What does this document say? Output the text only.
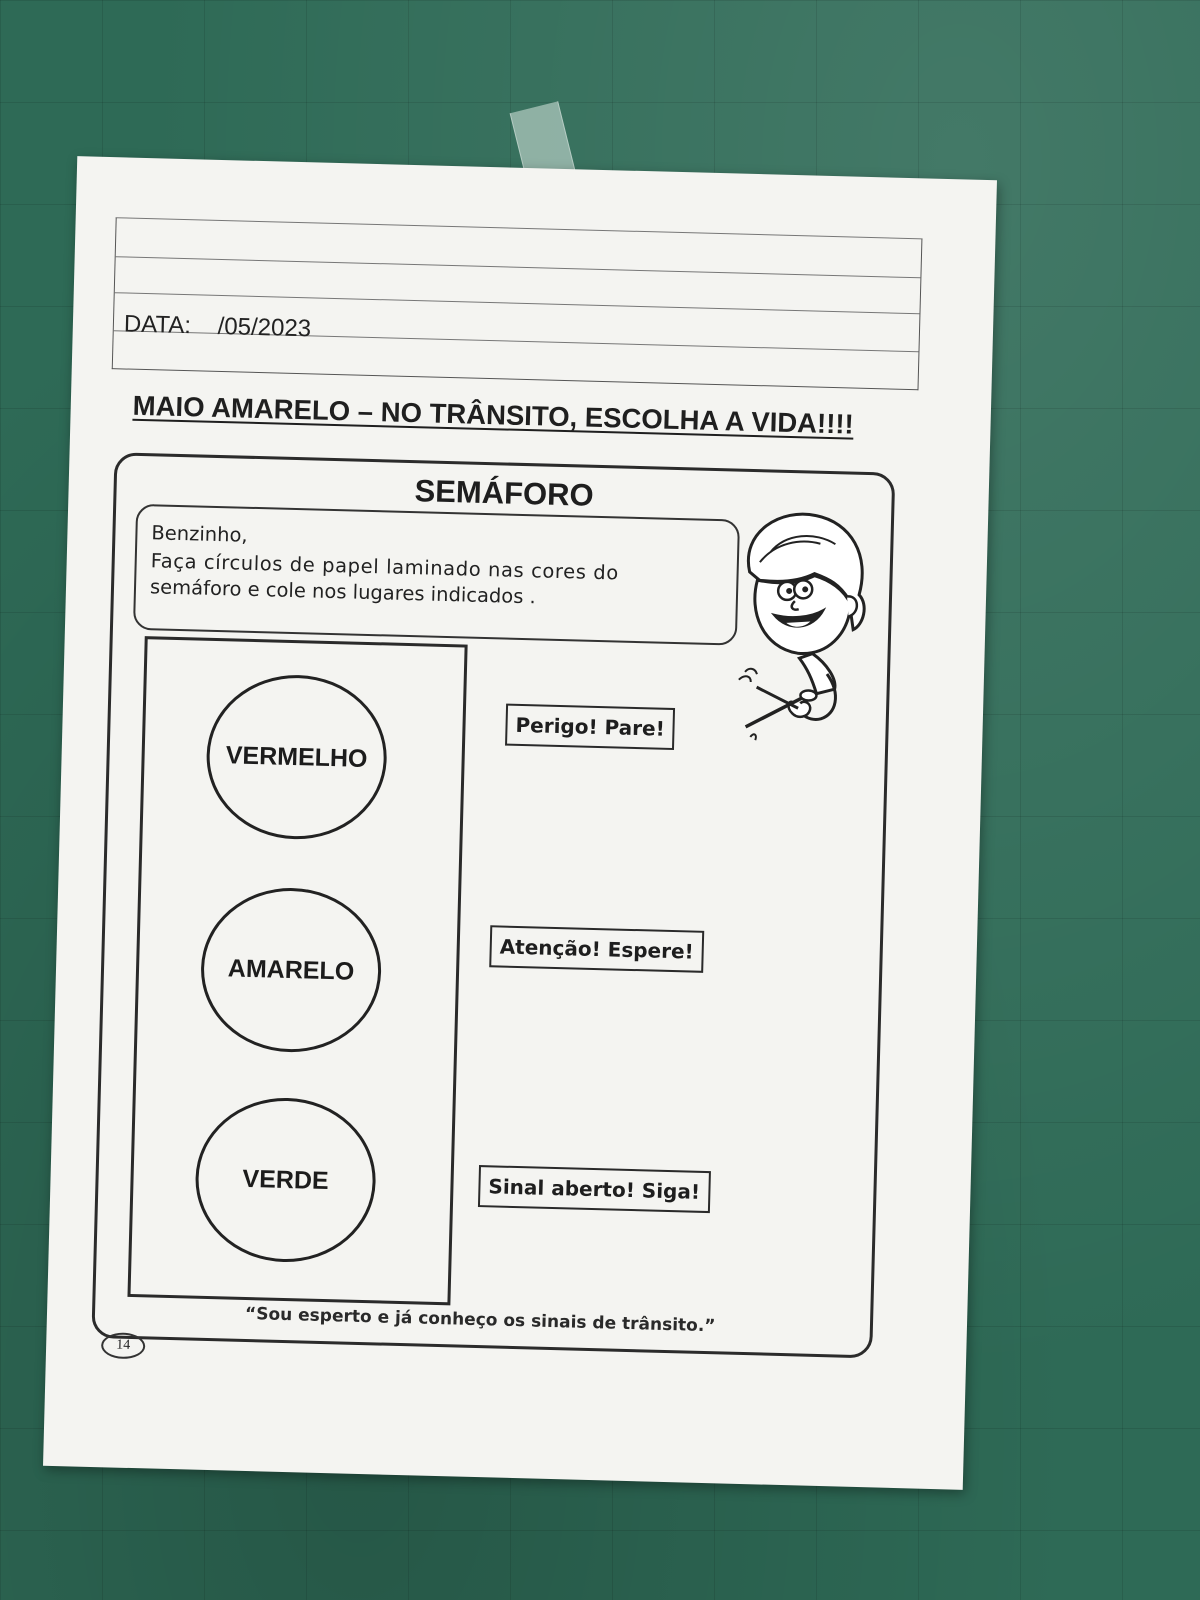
DATA: /05/2023
MAIO AMARELO – NO TRÂNSITO, ESCOLHA A VIDA!!!!
SEMÁFORO
Benzinho,
Faça círculos de papel laminado nas cores do
semáforo e cole nos lugares indicados .
VERMELHO
AMARELO
VERDE
Perigo! Pare!
Atenção! Espere!
Sinal aberto! Siga!
“Sou esperto e já conheço os sinais de trânsito.”
14
